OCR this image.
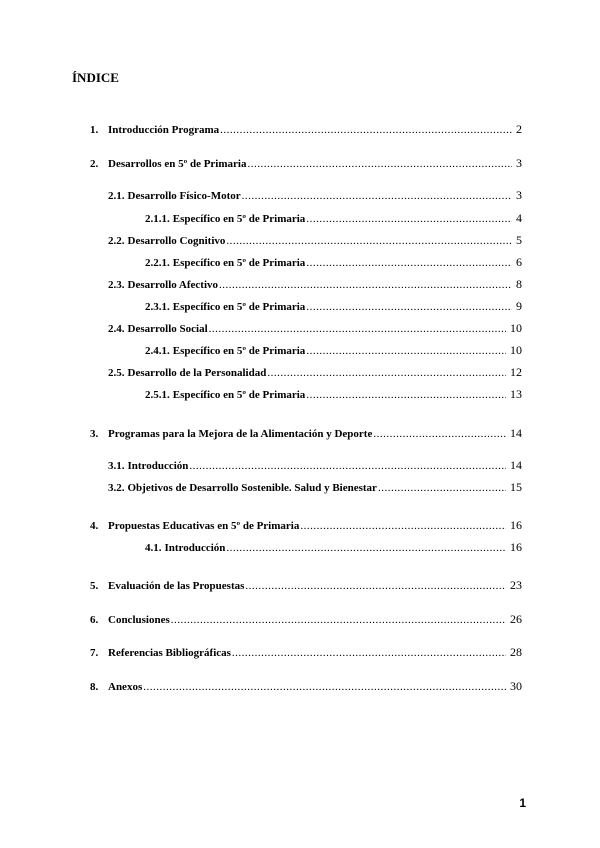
ÍNDICE
1. Introducción Programa .....	2
2. Desarrollos en 5º de Primaria .....	3
2.1. Desarrollo Físico-Motor .....	3
2.1.1. Específico en 5º de Primaria .....	4
2.2. Desarrollo Cognitivo .....	5
2.2.1. Específico en 5º de Primaria .....	6
2.3. Desarrollo Afectivo .....	8
2.3.1. Específico en 5º de Primaria .....	9
2.4. Desarrollo Social .....	10
2.4.1. Específico en 5º de Primaria .....	10
2.5. Desarrollo de la Personalidad .....	12
2.5.1. Específico en 5º de Primaria .....	13
3. Programas para la Mejora de la Alimentación y Deporte .....	14
3.1. Introducción .....	14
3.2. Objetivos de Desarrollo Sostenible. Salud y Bienestar .....	15
4. Propuestas Educativas en 5º de Primaria .....	16
4.1. Introducción .....	16
5. Evaluación de las Propuestas .....	23
6. Conclusiones .....	26
7. Referencias Bibliográficas .....	28
8. Anexos .....	30
1
